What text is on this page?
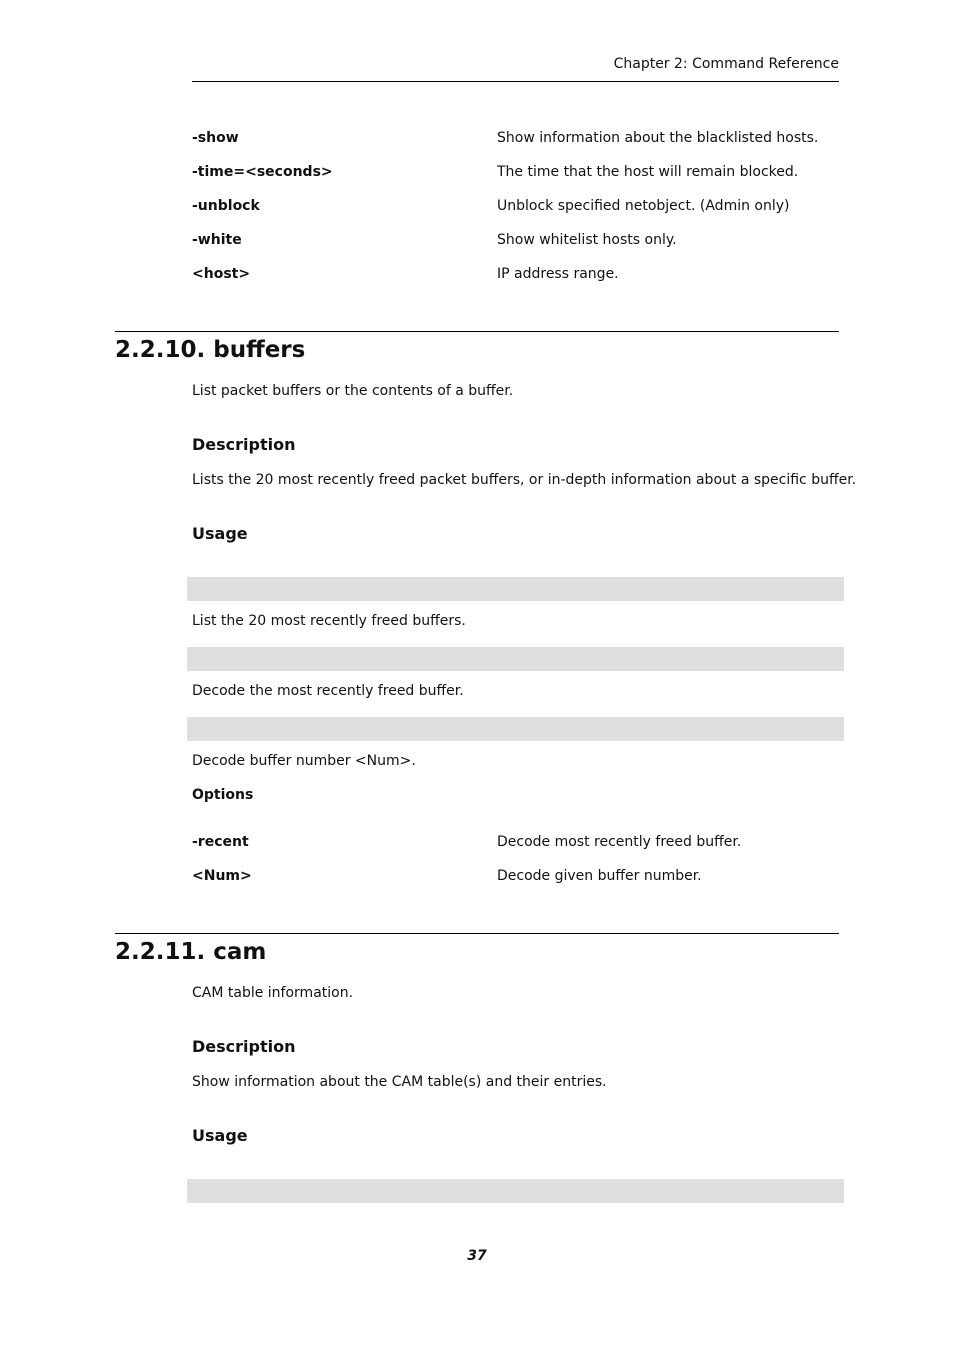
Chapter 2: Command Reference
-show	Show information about the blacklisted hosts.
-time=<seconds>	The time that the host will remain blocked.
-unblock	Unblock specified netobject. (Admin only)
-white	Show whitelist hosts only.
<host>	IP address range.
2.2.10. buffers
List packet buffers or the contents of a buffer.
Description
Lists the 20 most recently freed packet buffers, or in-depth information about a specific buffer.
Usage
List the 20 most recently freed buffers.
Decode the most recently freed buffer.
Decode buffer number <Num>.
Options
-recent	Decode most recently freed buffer.
<Num>	Decode given buffer number.
2.2.11. cam
CAM table information.
Description
Show information about the CAM table(s) and their entries.
Usage
37
